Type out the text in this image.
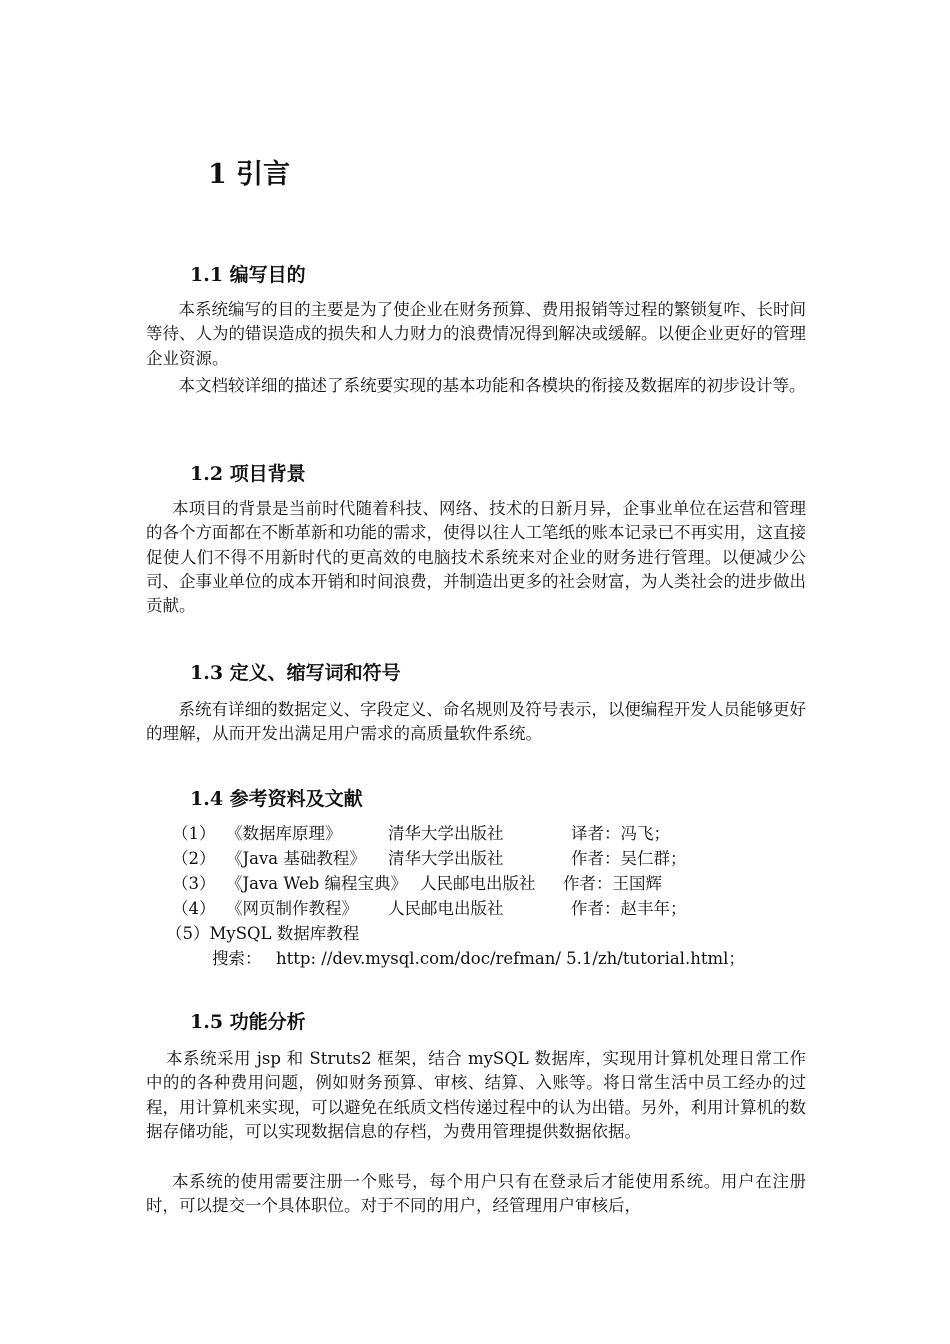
1 引言
1.1 编写目的

　本系统编写的目的主要是为了使企业在财务预算、费用报销等过程的繁锁复咋、长时间等待、人为的错误造成的损失和人力财力的浪费情况得到解决或缓解。以便企业更好的管理企业资源。

　本文档较详细的描述了系统要实现的基本功能和各模块的衔接及数据库的初步设计等。

1.2 项目背景

本项目的背景是当前时代随着科技、网络、技术的日新月异，企事业单位在运营和管理的各个方面都在不断革新和功能的需求，使得以往人工笔纸的账本记录已不再实用，这直接促使人们不得不用新时代的更高效的电脑技术系统来对企业的财务进行管理。以便减少公司、企事业单位的成本开销和时间浪费，并制造出更多的社会财富，为人类社会的进步做出贡献。

1.3 定义、缩写词和符号

　系统有详细的数据定义、字段定义、命名规则及符号表示，以便编程开发人员能够更好的理解，从而开发出满足用户需求的高质量软件系统。

1.4 参考资料及文献
（1） 《数据库原理》	清华大学出版社	译者：冯飞；
（2） 《Java 基础教程》 清华大学出版社	作者：吴仁群；
（3） 《Java Web 编程宝典》 人民邮电出版社 作者：王国辉
（4） 《网页制作教程》 人民邮电出版社	作者：赵丰年；
（5）MySQL 数据库教程
搜索： http: //dev.mysql.com/doc/refman/ 5.1/zh/tutorial.html；
1.5 功能分析

本系统采用 jsp 和 Struts2 框架，结合 mySQL 数据库，实现用计算机处理日常工作中的的各种费用问题，例如财务预算、审核、结算、入账等。将日常生活中员工经办的过程，用计算机来实现，可以避免在纸质文档传递过程中的认为出错。另外，利用计算机的数据存储功能，可以实现数据信息的存档，为费用管理提供数据依据。

本系统的使用需要注册一个账号，每个用户只有在登录后才能使用系统。用户在注册时，可以提交一个具体职位。对于不同的用户，经管理用户审核后，
